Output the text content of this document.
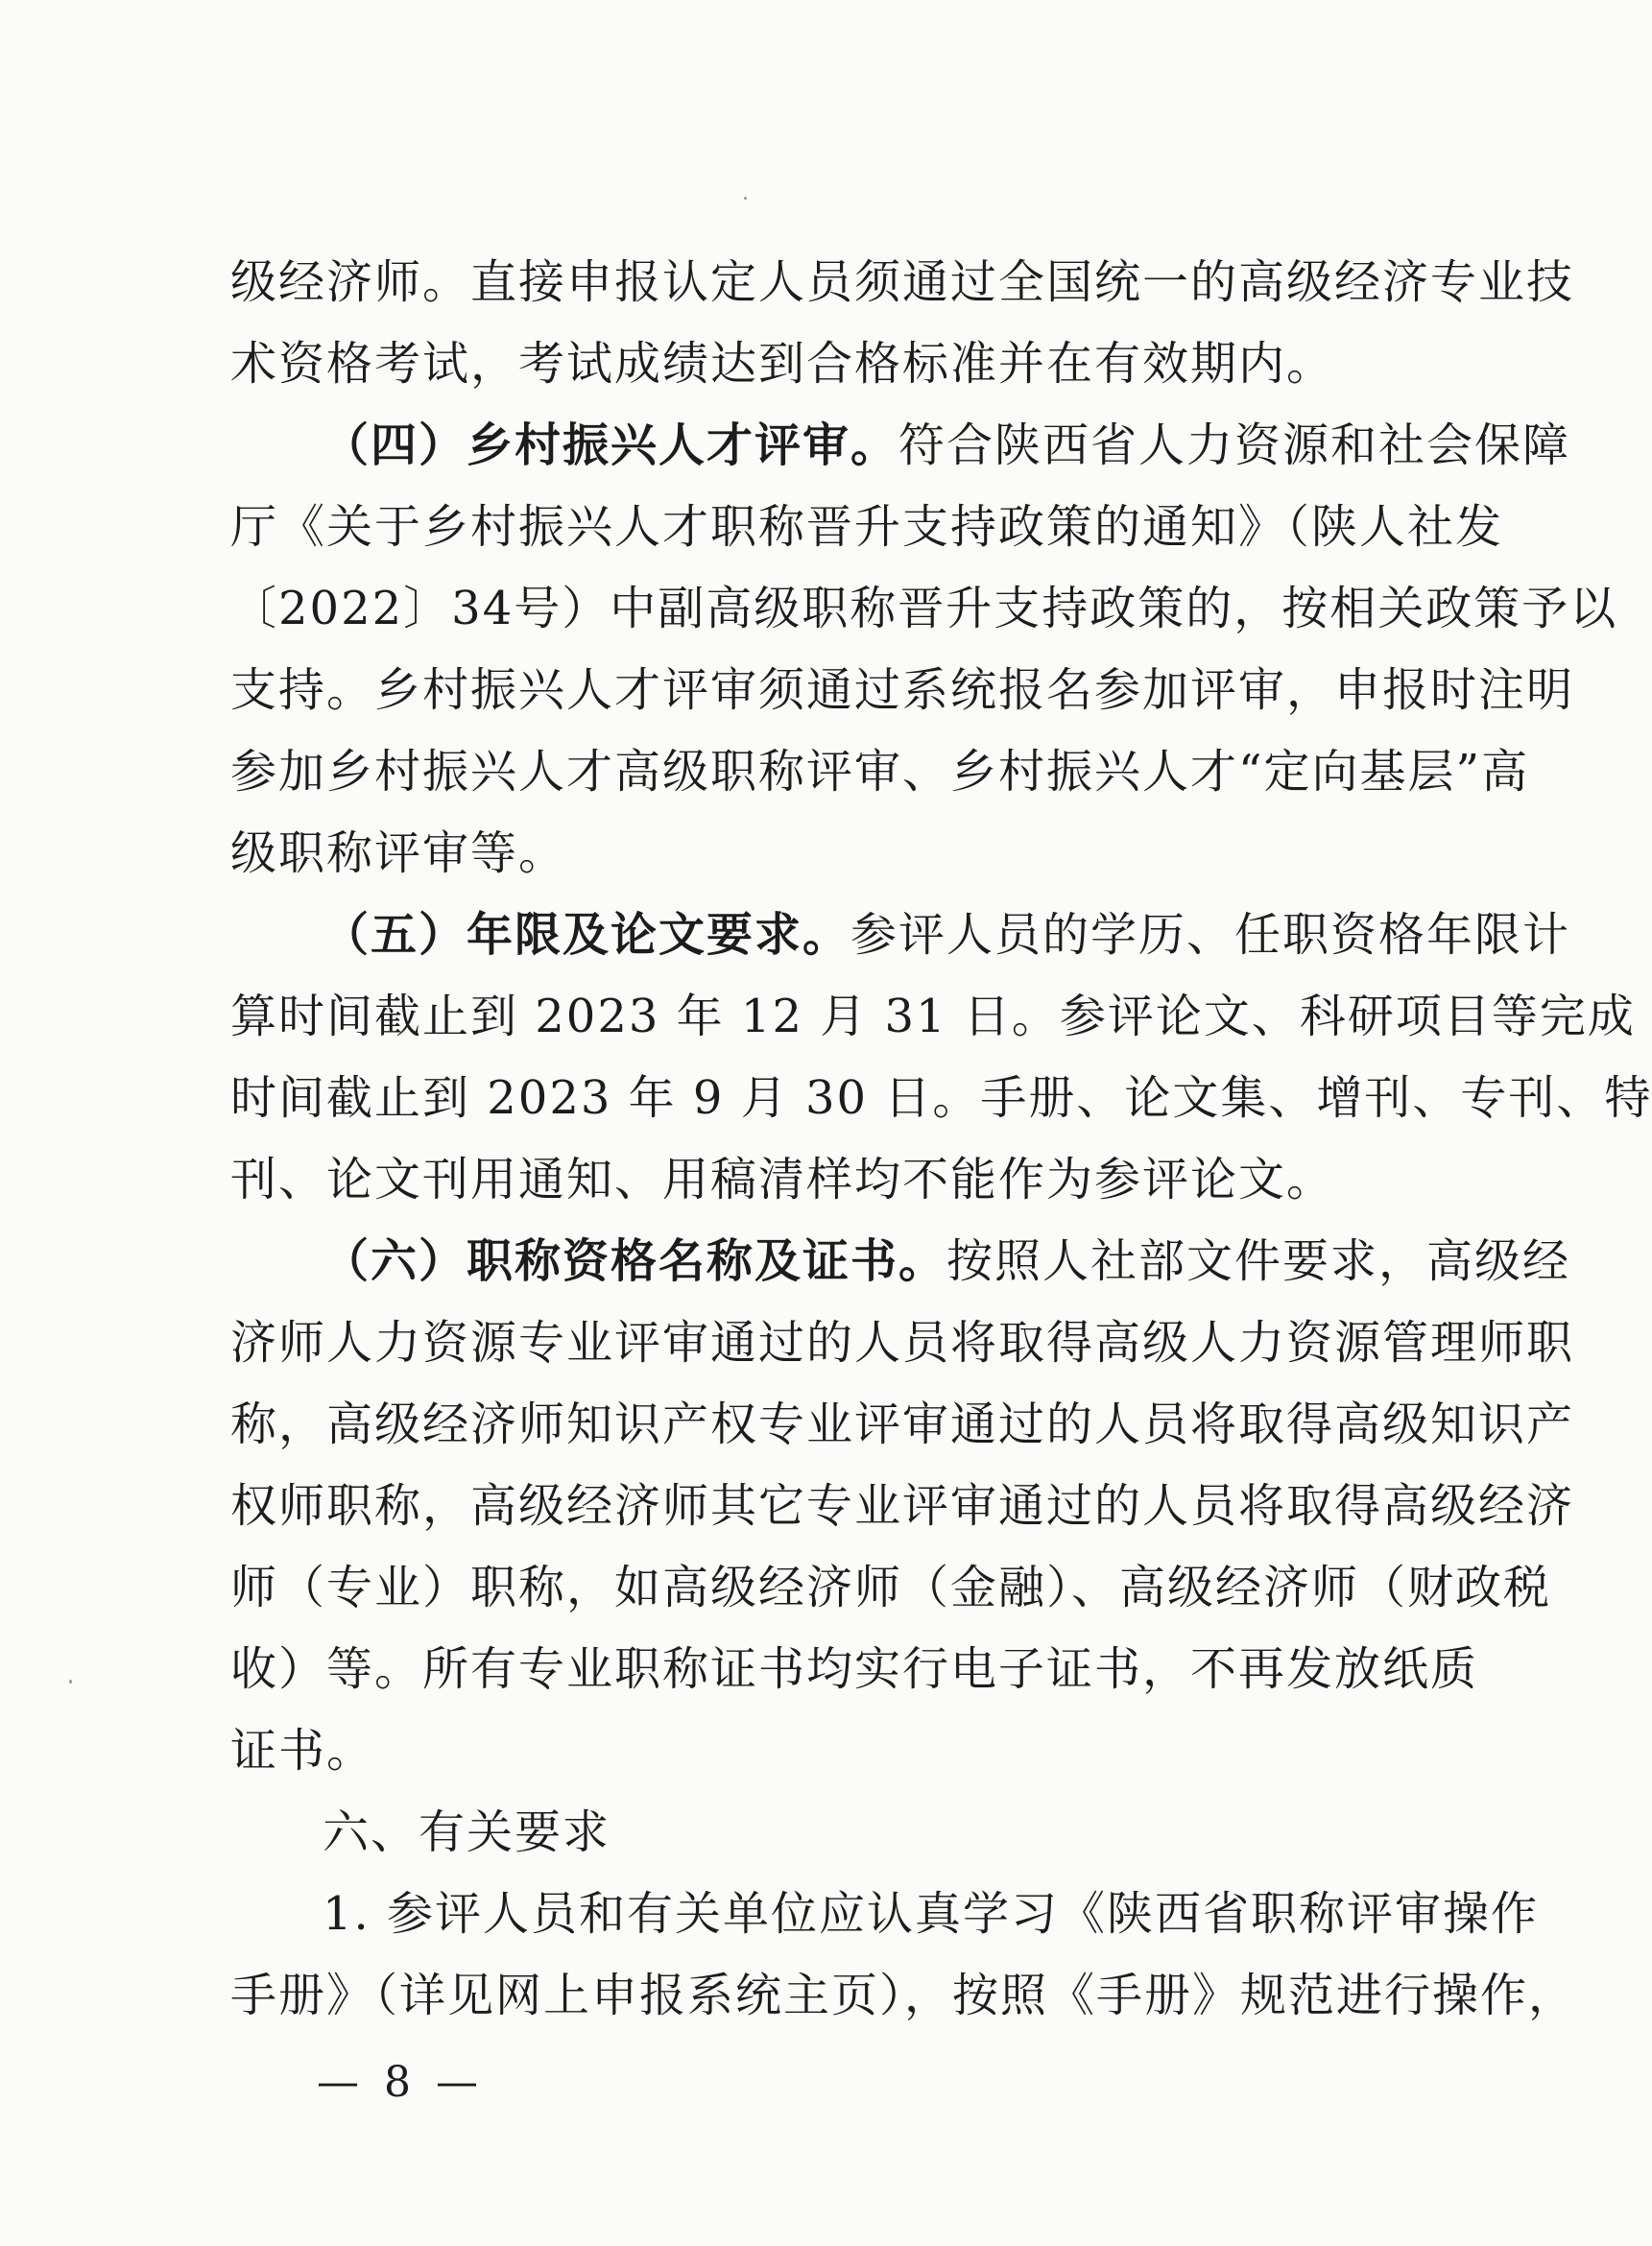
级经济师。直接申报认定人员须通过全国统一的高级经济专业技
术资格考试，考试成绩达到合格标准并在有效期内。
（四）乡村振兴人才评审。符合陕西省人力资源和社会保障
厅《关于乡村振兴人才职称晋升支持政策的通知》（陕人社发
〔2022〕34号）中副高级职称晋升支持政策的，按相关政策予以
支持。乡村振兴人才评审须通过系统报名参加评审，申报时注明
参加乡村振兴人才高级职称评审、乡村振兴人才“定向基层”高
级职称评审等。
（五）年限及论文要求。参评人员的学历、任职资格年限计
算时间截止到 2023 年 12 月 31 日。参评论文、科研项目等完成
时间截止到 2023 年 9 月 30 日。手册、论文集、增刊、专刊、特
刊、论文刊用通知、用稿清样均不能作为参评论文。
（六）职称资格名称及证书。按照人社部文件要求，高级经
济师人力资源专业评审通过的人员将取得高级人力资源管理师职
称，高级经济师知识产权专业评审通过的人员将取得高级知识产
权师职称，高级经济师其它专业评审通过的人员将取得高级经济
师（专业）职称，如高级经济师（金融）、高级经济师（财政税
收）等。所有专业职称证书均实行电子证书，不再发放纸质
证书。
六、有关要求
1. 参评人员和有关单位应认真学习《陕西省职称评审操作
手册》（详见网上申报系统主页），按照《手册》规范进行操作，
— 8 —
